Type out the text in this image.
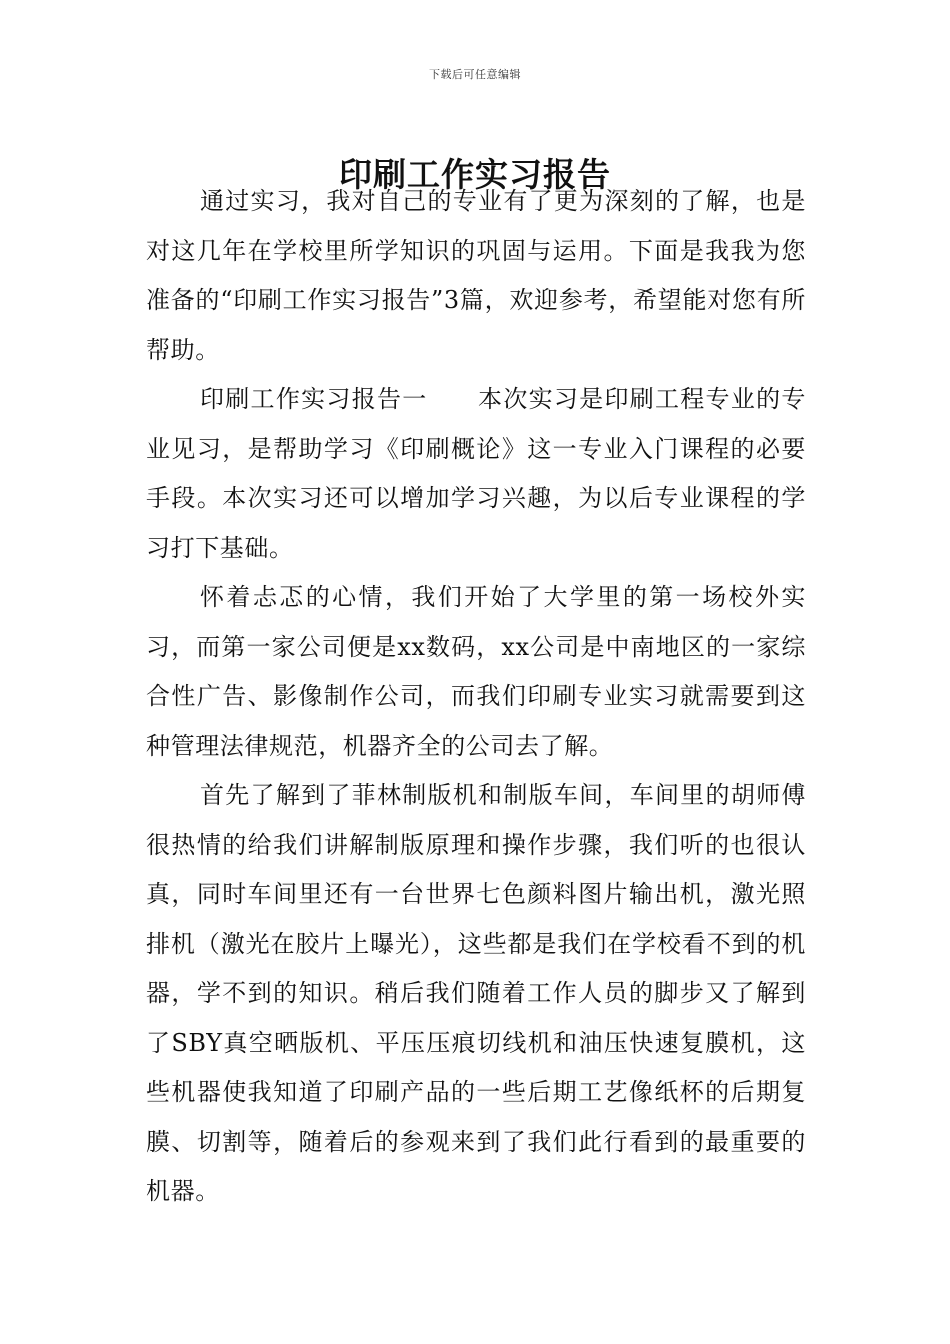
下载后可任意编辑
印刷工作实习报告

通过实习，我对自己的专业有了更为深刻的了解，也是对这几年在学校里所学知识的巩固与运用。下面是我我为您准备的“印刷工作实习报告”3篇，欢迎参考，希望能对您有所帮助。

印刷工作实习报告一　　本次实习是印刷工程专业的专业见习，是帮助学习《印刷概论》这一专业入门课程的必要手段。本次实习还可以增加学习兴趣，为以后专业课程的学习打下基础。

怀着忐忑的心情，我们开始了大学里的第一场校外实习，而第一家公司便是xx数码，xx公司是中南地区的一家综合性广告、影像制作公司，而我们印刷专业实习就需要到这种管理法律规范，机器齐全的公司去了解。

首先了解到了菲林制版机和制版车间，车间里的胡师傅很热情的给我们讲解制版原理和操作步骤，我们听的也很认真，同时车间里还有一台世界七色颜料图片输出机，激光照排机（激光在胶片上曝光），这些都是我们在学校看不到的机器，学不到的知识。稍后我们随着工作人员的脚步又了解到了SBY真空晒版机、平压压痕切线机和油压快速复膜机，这些机器使我知道了印刷产品的一些后期工艺像纸杯的后期复膜、切割等，随着后的参观来到了我们此行看到的最重要的机器。
